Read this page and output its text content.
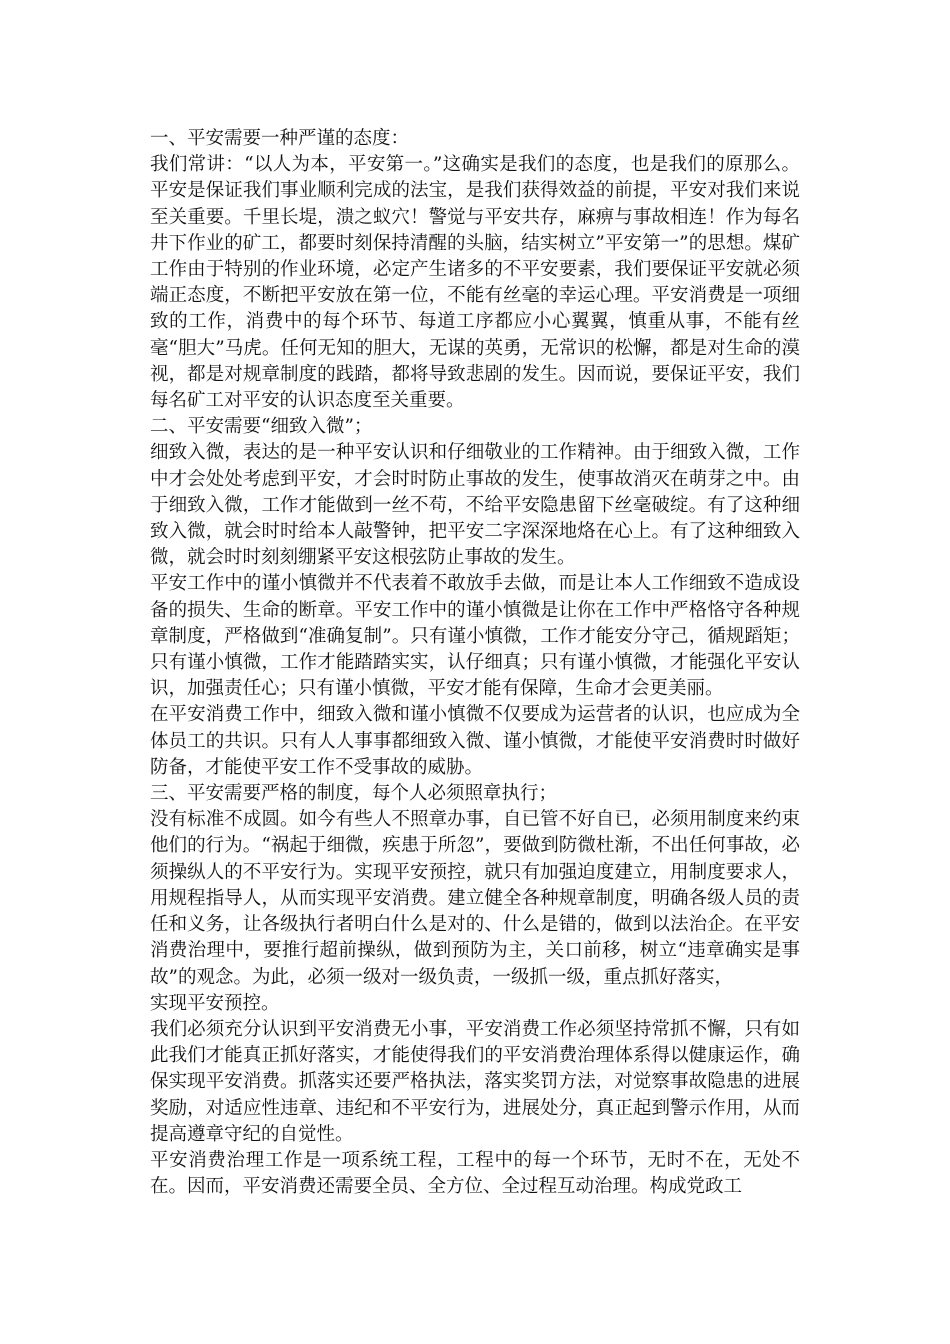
一、平安需要一种严谨的态度：

我们常讲：“以人为本，平安第一。”这确实是我们的态度，也是我们的原那么。平安是保证我们事业顺利完成的法宝，是我们获得效益的前提，平安对我们来说至关重要。千里长堤，溃之蚁穴！警觉与平安共存，麻痹与事故相连！作为每名井下作业的矿工，都要时刻保持清醒的头脑，结实树立”平安第一”的思想。煤矿工作由于特别的作业环境，必定产生诸多的不平安要素，我们要保证平安就必须端正态度，不断把平安放在第一位，不能有丝毫的幸运心理。平安消费是一项细致的工作，消费中的每个环节、每道工序都应小心翼翼，慎重从事，不能有丝毫“胆大”马虎。任何无知的胆大，无谋的英勇，无常识的松懈，都是对生命的漠视，都是对规章制度的践踏，都将导致悲剧的发生。因而说，要保证平安，我们每名矿工对平安的认识态度至关重要。

二、平安需要“细致入微”；

细致入微，表达的是一种平安认识和仔细敬业的工作精神。由于细致入微，工作中才会处处考虑到平安，才会时时防止事故的发生，使事故消灭在萌芽之中。由于细致入微，工作才能做到一丝不苟，不给平安隐患留下丝毫破绽。有了这种细致入微，就会时时给本人敲警钟，把平安二字深深地烙在心上。有了这种细致入微，就会时时刻刻绷紧平安这根弦防止事故的发生。

平安工作中的谨小慎微并不代表着不敢放手去做，而是让本人工作细致不造成设备的损失、生命的断章。平安工作中的谨小慎微是让你在工作中严格恪守各种规章制度，严格做到“准确复制”。只有谨小慎微，工作才能安分守己，循规蹈矩；只有谨小慎微，工作才能踏踏实实，认仔细真；只有谨小慎微，才能强化平安认识，加强责任心；只有谨小慎微，平安才能有保障，生命才会更美丽。

在平安消费工作中，细致入微和谨小慎微不仅要成为运营者的认识，也应成为全体员工的共识。只有人人事事都细致入微、谨小慎微，才能使平安消费时时做好防备，才能使平安工作不受事故的威胁。

三、平安需要严格的制度，每个人必须照章执行；

没有标准不成圆。如今有些人不照章办事，自已管不好自已，必须用制度来约束他们的行为。“祸起于细微，疾患于所忽”，要做到防微杜渐，不出任何事故，必须操纵人的不平安行为。实现平安预控，就只有加强迫度建立，用制度要求人，用规程指导人，从而实现平安消费。建立健全各种规章制度，明确各级人员的责任和义务，让各级执行者明白什么是对的、什么是错的，做到以法治企。在平安消费治理中，要推行超前操纵，做到预防为主，关口前移，树立“违章确实是事故”的观念。为此，必须一级对一级负责，一级抓一级，重点抓好落实，

实现平安预控。

我们必须充分认识到平安消费无小事，平安消费工作必须坚持常抓不懈，只有如此我们才能真正抓好落实，才能使得我们的平安消费治理体系得以健康运作，确保实现平安消费。抓落实还要严格执法，落实奖罚方法，对觉察事故隐患的进展奖励，对适应性违章、违纪和不平安行为，进展处分，真正起到警示作用，从而提高遵章守纪的自觉性。

平安消费治理工作是一项系统工程，工程中的每一个环节，无时不在，无处不在。因而，平安消费还需要全员、全方位、全过程互动治理。构成党政工
